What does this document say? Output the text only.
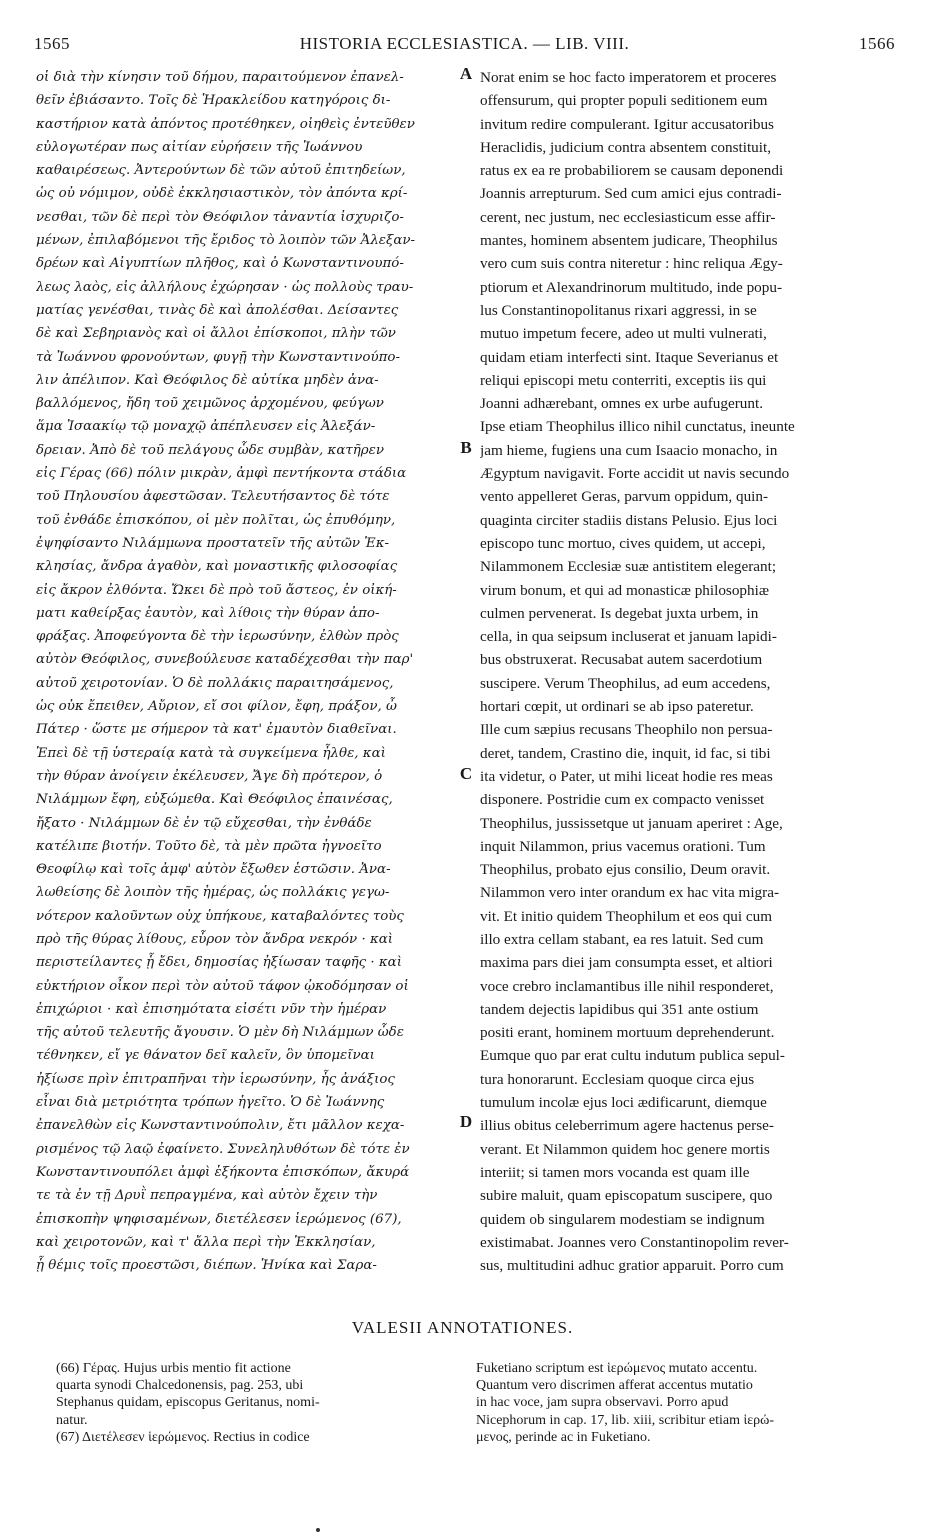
1565	HISTORIA ECCLESIASTICA. — LIB. VIII.	1566
οἱ διὰ τὴν κίνησιν τοῦ δήμου, παραιτούμενον ἐπανελ-
θεῖν ἐβιάσαντο. Τοῖς δὲ Ἡρακλείδου κατηγόροις δι-
καστήριον κατὰ ἀπόντος προτέθηκεν, οἰηθεὶς ἐντεῦθεν
εὐλογωτέραν πως αἰτίαν εὑρήσειν τῆς Ἰωάννου
καθαιρέσεως. Ἀντερούντων δὲ τῶν αὐτοῦ ἐπιτηδείων,
ὡς οὐ νόμιμον, οὐδὲ ἐκκλησιαστικὸν, τὸν ἀπόντα κρί-
νεσθαι, τῶν δὲ περὶ τὸν Θεόφιλον τἀναντία ἰσχυριζο-
μένων, ἐπιλαβόμενοι τῆς ἔριδος τὸ λοιπὸν τῶν Ἀλεξαν-
δρέων καὶ Αἰγυπτίων πλῆθος, καὶ ὁ Κωνσταντινουπό-
λεως λαὸς, εἰς ἀλλήλους ἐχώρησαν · ὡς πολλοὺς τραυ-
ματίας γενέσθαι, τινὰς δὲ καὶ ἀπολέσθαι. Δείσαντες
δὲ καὶ Σεβηριανὸς καὶ οἱ ἄλλοι ἐπίσκοποι, πλὴν τῶν
τὰ Ἰωάννου φρονούντων, φυγῇ τὴν Κωνσταντινούπο-
λιν ἀπέλιπον. Καὶ Θεόφιλος δὲ αὐτίκα μηδὲν ἀνα-
βαλλόμενος, ἤδη τοῦ χειμῶνος ἀρχομένου, φεύγων
ἅμα Ἰσαακίῳ τῷ μοναχῷ ἀπέπλευσεν εἰς Ἀλεξάν-
δρειαν. Ἀπὸ δὲ τοῦ πελάγους ὧδε συμβὰν, κατῆρεν
εἰς Γέρας (66) πόλιν μικρὰν, ἀμφὶ πεντήκοντα στάδια
τοῦ Πηλουσίου ἀφεστῶσαν. Τελευτήσαντος δὲ τότε
τοῦ ἐνθάδε ἐπισκόπου, οἱ μὲν πολῖται, ὡς ἐπυθόμην,
ἐψηφίσαντο Νιλάμμωνα προστατεῖν τῆς αὐτῶν Ἐκ-
κλησίας, ἄνδρα ἀγαθὸν, καὶ μοναστικῆς φιλοσοφίας
εἰς ἄκρον ἐλθόντα. Ὤκει δὲ πρὸ τοῦ ἄστεος, ἐν οἰκή-
ματι καθείρξας ἑαυτὸν, καὶ λίθοις τὴν θύραν ἀπο-
φράξας. Ἀποφεύγοντα δὲ τὴν ἱερωσύνην, ἐλθὼν πρὸς
αὐτὸν Θεόφιλος, συνεβούλευσε καταδέχεσθαι τὴν παρ'
αὐτοῦ χειροτονίαν. Ὁ δὲ πολλάκις παραιτησάμενος,
ὡς οὐκ ἔπειθεν, Αὔριον, εἴ σοι φίλον, ἔφη, πράξον, ὦ
Πάτερ · ὥστε με σήμερον τὰ κατ' ἐμαυτὸν διαθεῖναι.
Ἐπεὶ δὲ τῇ ὑστεραίᾳ κατὰ τὰ συγκείμενα ἦλθε, καὶ
τὴν θύραν ἀνοίγειν ἐκέλευσεν, Ἄγε δὴ πρότερον, ὁ
Νιλάμμων ἔφη, εὐξώμεθα. Καὶ Θεόφιλος ἐπαινέσας,
ἤξατο · Νιλάμμων δὲ ἐν τῷ εὔχεσθαι, τὴν ἐνθάδε
κατέλιπε βιοτήν. Τοῦτο δὲ, τὰ μὲν πρῶτα ἠγνοεῖτο
Θεοφίλῳ καὶ τοῖς ἀμφ' αὐτὸν ἔξωθεν ἑστῶσιν. Ἀνα-
λωθείσης δὲ λοιπὸν τῆς ἡμέρας, ὡς πολλάκις γεγω-
νότερον καλοῦντων οὐχ ὑπήκουε, καταβαλόντες τοὺς
πρὸ τῆς θύρας λίθους, εὗρον τὸν ἄνδρα νεκρόν · καὶ
περιστείλαντες ᾗ ἔδει, δημοσίας ἠξίωσαν ταφῆς · καὶ
εὐκτήριον οἶκον περὶ τὸν αὐτοῦ τάφον ᾠκοδόμησαν οἱ
ἐπιχώριοι · καὶ ἐπισημότατα εἰσέτι νῦν τὴν ἡμέραν
τῆς αὐτοῦ τελευτῆς ἄγουσιν. Ὁ μὲν δὴ Νιλάμμων ὧδε
τέθνηκεν, εἴ γε θάνατον δεῖ καλεῖν, ὃν ὑπομεῖναι
ἠξίωσε πρὶν ἐπιτραπῆναι τὴν ἱερωσύνην, ἧς ἀνάξιος
εἶναι διὰ μετριότητα τρόπων ἡγεῖτο. Ὁ δὲ Ἰωάννης
ἐπανελθὼν εἰς Κωνσταντινούπολιν, ἔτι μᾶλλον κεχα-
ρισμένος τῷ λαῷ ἐφαίνετο. Συνεληλυθότων δὲ τότε ἐν
Κωνσταντινουπόλει ἀμφὶ ἑξήκοντα ἐπισκόπων, ἄκυρά
τε τὰ ἐν τῇ Δρυῒ πεπραγμένα, καὶ αὐτὸν ἔχειν τὴν
ἐπισκοπὴν ψηφισαμένων, διετέλεσεν ἱερώμενος (67),
καὶ χειροτονῶν, καὶ τ' ἄλλα περὶ τὴν Ἐκκλησίαν,
ᾗ θέμις τοῖς προεστῶσι, διέπων. Ἡνίκα καὶ Σαρα-
A
B
C
D
Norat enim se hoc facto imperatorem et proceres
offensurum, qui propter populi seditionem eum
invitum redire compulerant. Igitur accusatoribus
Heraclidis, judicium contra absentem constituit,
ratus ex ea re probabiliorem se causam deponendi
Joannis arrepturum. Sed cum amici ejus contradi-
cerent, nec justum, nec ecclesiasticum esse affir-
mantes, hominem absentem judicare, Theophilus
vero cum suis contra niteretur : hinc reliqua Ægy-
ptiorum et Alexandrinorum multitudo, inde popu-
lus Constantinopolitanus rixari aggressi, in se
mutuo impetum fecere, adeo ut multi vulnerati,
quidam etiam interfecti sint. Itaque Severianus et
reliqui episcopi metu conterriti, exceptis iis qui
Joanni adhærebant, omnes ex urbe aufugerunt.
Ipse etiam Theophilus illico nihil cunctatus, ineunte
jam hieme, fugiens una cum Isaacio monacho, in
Ægyptum navigavit. Forte accidit ut navis secundo
vento appelleret Geras, parvum oppidum, quin-
quaginta circiter stadiis distans Pelusio. Ejus loci
episcopo tunc mortuo, cives quidem, ut accepi,
Nilammonem Ecclesiæ suæ antistitem elegerant;
virum bonum, et qui ad monasticæ philosophiæ
culmen pervenerat. Is degebat juxta urbem, in
cella, in qua seipsum incluserat et januam lapidi-
bus obstruxerat. Recusabat autem sacerdotium
suscipere. Verum Theophilus, ad eum accedens,
hortari cœpit, ut ordinari se ab ipso pateretur.
Ille cum sæpius recusans Theophilo non persua-
deret, tandem, Crastino die, inquit, id fac, si tibi
ita videtur, o Pater, ut mihi liceat hodie res meas
disponere. Postridie cum ex compacto venisset
Theophilus, jussissetque ut januam aperiret : Age,
inquit Nilammon, prius vacemus orationi. Tum
Theophilus, probato ejus consilio, Deum oravit.
Nilammon vero inter orandum ex hac vita migra-
vit. Et initio quidem Theophilum et eos qui cum
illo extra cellam stabant, ea res latuit. Sed cum
maxima pars diei jam consumpta esset, et altiori
voce crebro inclamantibus ille nihil responderet,
tandem dejectis lapidibus qui 351 ante ostium
positi erant, hominem mortuum deprehenderunt.
Eumque quo par erat cultu indutum publica sepul-
tura honorarunt. Ecclesiam quoque circa ejus
tumulum incolæ ejus loci ædificarunt, diemque
illius obitus celeberrimum agere hactenus perse-
verant. Et Nilammon quidem hoc genere mortis
interiit; si tamen mors vocanda est quam ille
subire maluit, quam episcopatum suscipere, quo
quidem ob singularem modestiam se indignum
existimabat. Joannes vero Constantinopolim rever-
sus, multitudini adhuc gratior apparuit. Porro cum
VALESII ANNOTATIONES.
(66) Γέρας. Hujus urbis mentio fit actione
quarta synodi Chalcedonensis, pag. 253, ubi
Stephanus quidam, episcopus Geritanus, nomi-
natur.
(67) Διετέλεσεν ἱερώμενος. Rectius in codice
Fuketiano scriptum est ἱερώμενος mutato accentu.
Quantum vero discrimen afferat accentus mutatio
in hac voce, jam supra observavi. Porro apud
Nicephorum in cap. 17, lib. xiii, scribitur etiam ἱερώ-
μενος, perinde ac in Fuketiano.
